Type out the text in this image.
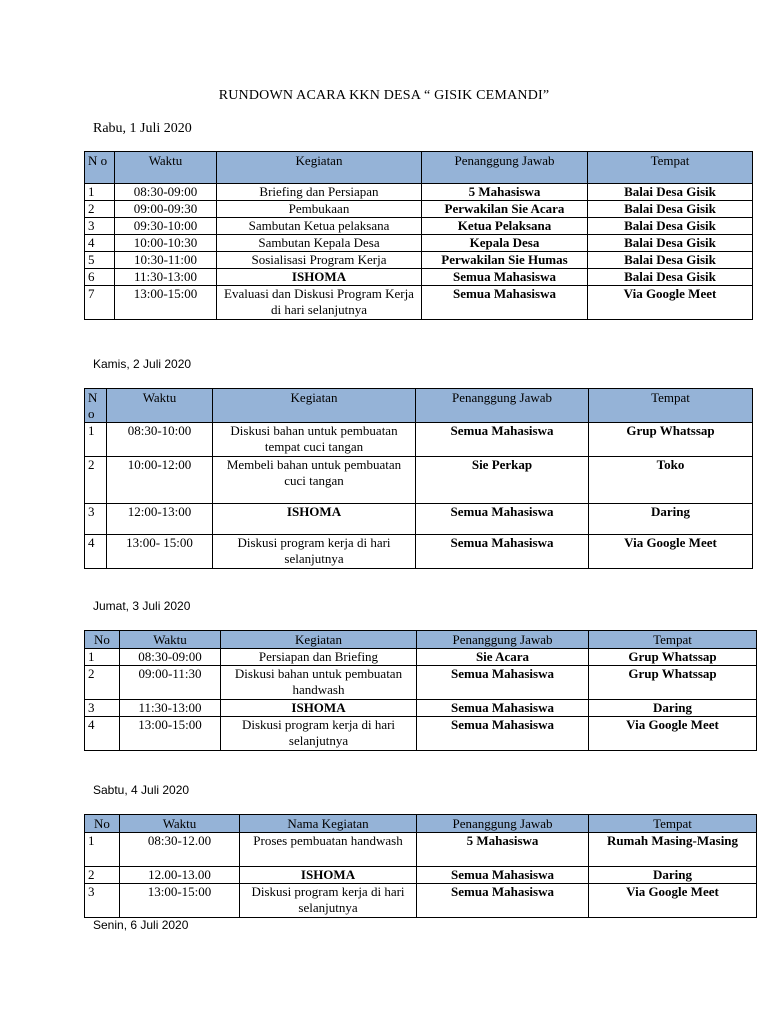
RUNDOWN ACARA KKN DESA “ GISIK CEMANDI”
Rabu, 1 Juli 2020
N o	Waktu	Kegiatan	Penanggung Jawab	Tempat
1	08:30-09:00	Briefing dan Persiapan	5 Mahasiswa	Balai Desa Gisik
2	09:00-09:30	Pembukaan	Perwakilan Sie Acara	Balai Desa Gisik
3	09:30-10:00	Sambutan Ketua pelaksana	Ketua Pelaksana	Balai Desa Gisik
4	10:00-10:30	Sambutan Kepala Desa	Kepala Desa	Balai Desa Gisik
5	10:30-11:00	Sosialisasi Program Kerja	Perwakilan Sie Humas	Balai Desa Gisik
6	11:30-13:00	ISHOMA	Semua Mahasiswa	Balai Desa Gisik
7	13:00-15:00	Evaluasi dan Diskusi Program Kerja di hari selanjutnya	Semua Mahasiswa	Via Google Meet
Kamis, 2 Juli 2020
N o	Waktu	Kegiatan	Penanggung Jawab	Tempat
1	08:30-10:00	Diskusi bahan untuk pembuatan tempat cuci tangan	Semua Mahasiswa	Grup Whatssap
2	10:00-12:00	Membeli bahan untuk pembuatan cuci tangan	Sie Perkap	Toko
3	12:00-13:00	ISHOMA	Semua Mahasiswa	Daring
4	13:00- 15:00	Diskusi program kerja di hari selanjutnya	Semua Mahasiswa	Via Google Meet
Jumat, 3 Juli 2020
No	Waktu	Kegiatan	Penanggung Jawab	Tempat
1	08:30-09:00	Persiapan dan Briefing	Sie Acara	Grup Whatssap
2	09:00-11:30	Diskusi bahan untuk pembuatan handwash	Semua Mahasiswa	Grup Whatssap
3	11:30-13:00	ISHOMA	Semua Mahasiswa	Daring
4	13:00-15:00	Diskusi program kerja di hari selanjutnya	Semua Mahasiswa	Via Google Meet
Sabtu, 4 Juli 2020
No	Waktu	Nama Kegiatan	Penanggung Jawab	Tempat
1	08:30-12.00	Proses pembuatan handwash	5 Mahasiswa	Rumah Masing-Masing
2	12.00-13.00	ISHOMA	Semua Mahasiswa	Daring
3	13:00-15:00	Diskusi program kerja di hari selanjutnya	Semua Mahasiswa	Via Google Meet
Senin, 6 Juli 2020
